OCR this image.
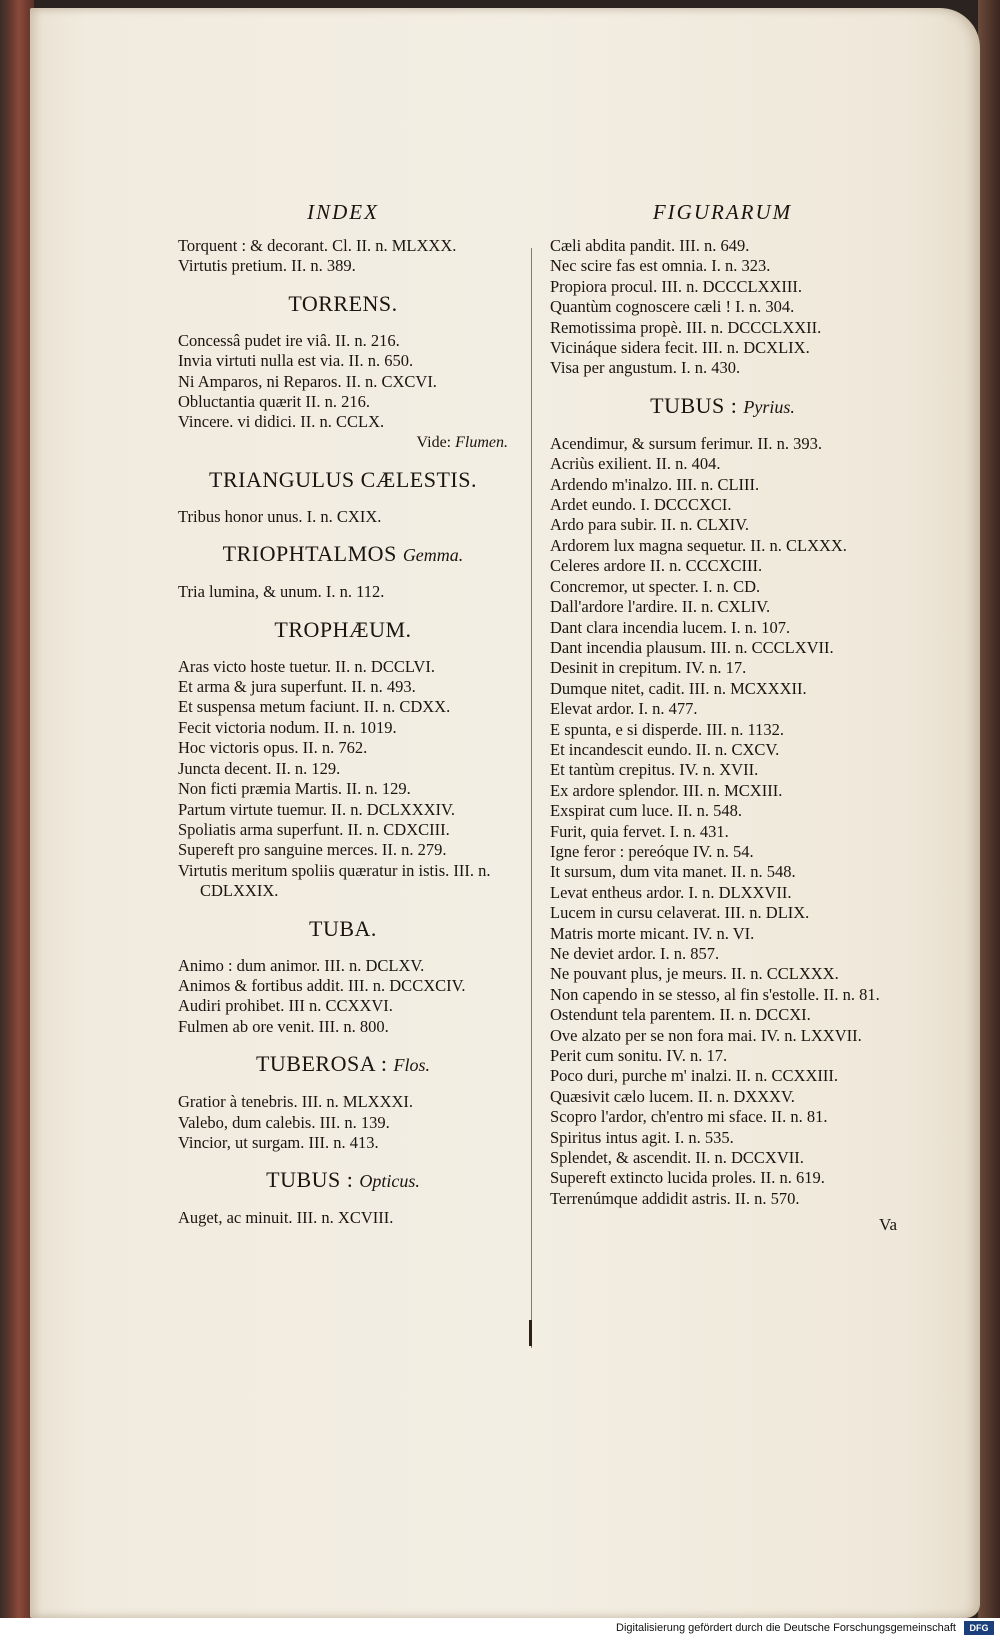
INDEX

Torquent : & decorant. Cl. II. n. MLXXX.

Virtutis pretium. II. n. 389.

TORRENS.

Concessâ pudet ire viâ. II. n. 216.

Invia virtuti nulla est via. II. n. 650.

Ni Amparos, ni Reparos. II. n. CXCVI.

Obluctantia quærit II. n. 216.

Vincere. vi didici. II. n. CCLX.

Vide: Flumen.

TRIANGULUS CÆLESTIS.

Tribus honor unus. I. n. CXIX.

TRIOPHTALMOS Gemma.

Tria lumina, & unum. I. n. 112.

TROPHÆUM.

Aras victo hoste tuetur. II. n. DCCLVI.

Et arma & jura superfunt. II. n. 493.

Et suspensa metum faciunt. II. n. CDXX.

Fecit victoria nodum. II. n. 1019.

Hoc victoris opus. II. n. 762.

Juncta decent. II. n. 129.

Non ficti præmia Martis. II. n. 129.

Partum virtute tuemur. II. n. DCLXXXIV.

Spoliatis arma superfunt. II. n. CDXCIII.

Supereft pro sanguine merces. II. n. 279.

Virtutis meritum spoliis quæratur in istis. III. n. CDLXXIX.

TUBA.

Animo : dum animor. III. n. DCLXV.

Animos & fortibus addit. III. n. DCCXCIV.

Audiri prohibet. III n. CCXXVI.

Fulmen ab ore venit. III. n. 800.

TUBEROSA : Flos.

Gratior à tenebris. III. n. MLXXXI.

Valebo, dum calebis. III. n. 139.

Vincior, ut surgam. III. n. 413.

TUBUS : Opticus.

Auget, ac minuit. III. n. XCVIII.

FIGURARUM

Cæli abdita pandit. III. n. 649.

Nec scire fas est omnia. I. n. 323.

Propiora procul. III. n. DCCCLXXIII.

Quantùm cognoscere cæli ! I. n. 304.

Remotissima propè. III. n. DCCCLXXII.

Vicináque sidera fecit. III. n. DCXLIX.

Visa per angustum. I. n. 430.

TUBUS : Pyrius.

Acendimur, & sursum ferimur. II. n. 393.

Acriùs exilient. II. n. 404.

Ardendo m'inalzo. III. n. CLIII.

Ardet eundo. I. DCCCXCI.

Ardo para subir. II. n. CLXIV.

Ardorem lux magna sequetur. II. n. CLXXX.

Celeres ardore II. n. CCCXCIII.

Concremor, ut specter. I. n. CD.

Dall'ardore l'ardire. II. n. CXLIV.

Dant clara incendia lucem. I. n. 107.

Dant incendia plausum. III. n. CCCLXVII.

Desinit in crepitum. IV. n. 17.

Dumque nitet, cadit. III. n. MCXXXII.

Elevat ardor. I. n. 477.

E spunta, e si disperde. III. n. 1132.

Et incandescit eundo. II. n. CXCV.

Et tantùm crepitus. IV. n. XVII.

Ex ardore splendor. III. n. MCXIII.

Exspirat cum luce. II. n. 548.

Furit, quia fervet. I. n. 431.

Igne feror : pereóque IV. n. 54.

It sursum, dum vita manet. II. n. 548.

Levat entheus ardor. I. n. DLXXVII.

Lucem in cursu celaverat. III. n. DLIX.

Matris morte micant. IV. n. VI.

Ne deviet ardor. I. n. 857.

Ne pouvant plus, je meurs. II. n. CCLXXX.

Non capendo in se stesso, al fin s'estolle. II. n. 81.

Ostendunt tela parentem. II. n. DCCXI.

Ove alzato per se non fora mai. IV. n. LXXVII.

Perit cum sonitu. IV. n. 17.

Poco duri, purche m' inalzi. II. n. CCXXIII.

Quæsivit cælo lucem. II. n. DXXXV.

Scopro l'ardor, ch'entro mi sface. II. n. 81.

Spiritus intus agit. I. n. 535.

Splendet, & ascendit. II. n. DCCXVII.

Supereft extincto lucida proles. II. n. 619.

Terrenúmque addidit astris. II. n. 570.

Va
Digitalisierung gefördert durch die Deutsche Forschungsgemeinschaft	DFG
